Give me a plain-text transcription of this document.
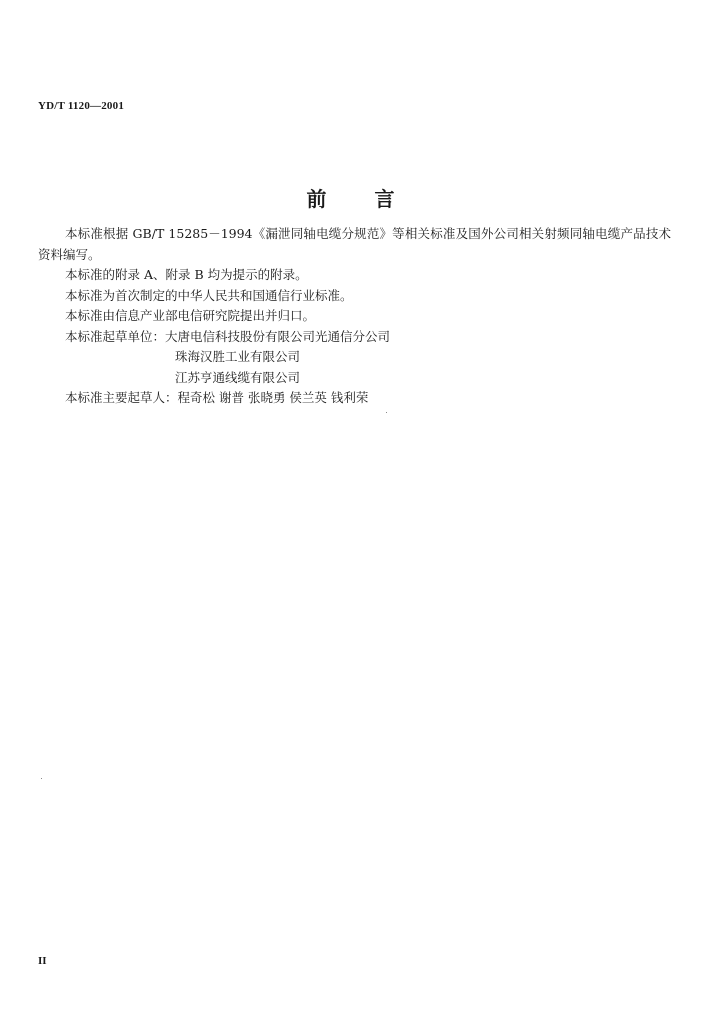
YD/T 1120—2001
前 言

本标准根据 GB/T 15285－1994《漏泄同轴电缆分规范》等相关标准及国外公司相关射频同轴电缆产品技术资料编写。

本标准的附录 A、附录 B 均为提示的附录。

本标准为首次制定的中华人民共和国通信行业标准。

本标准由信息产业部电信研究院提出并归口。

本标准起草单位：大唐电信科技股份有限公司光通信分公司

珠海汉胜工业有限公司

江苏亨通线缆有限公司

本标准主要起草人：程奇松 谢普 张晓勇 侯兰英 钱利荣

II
